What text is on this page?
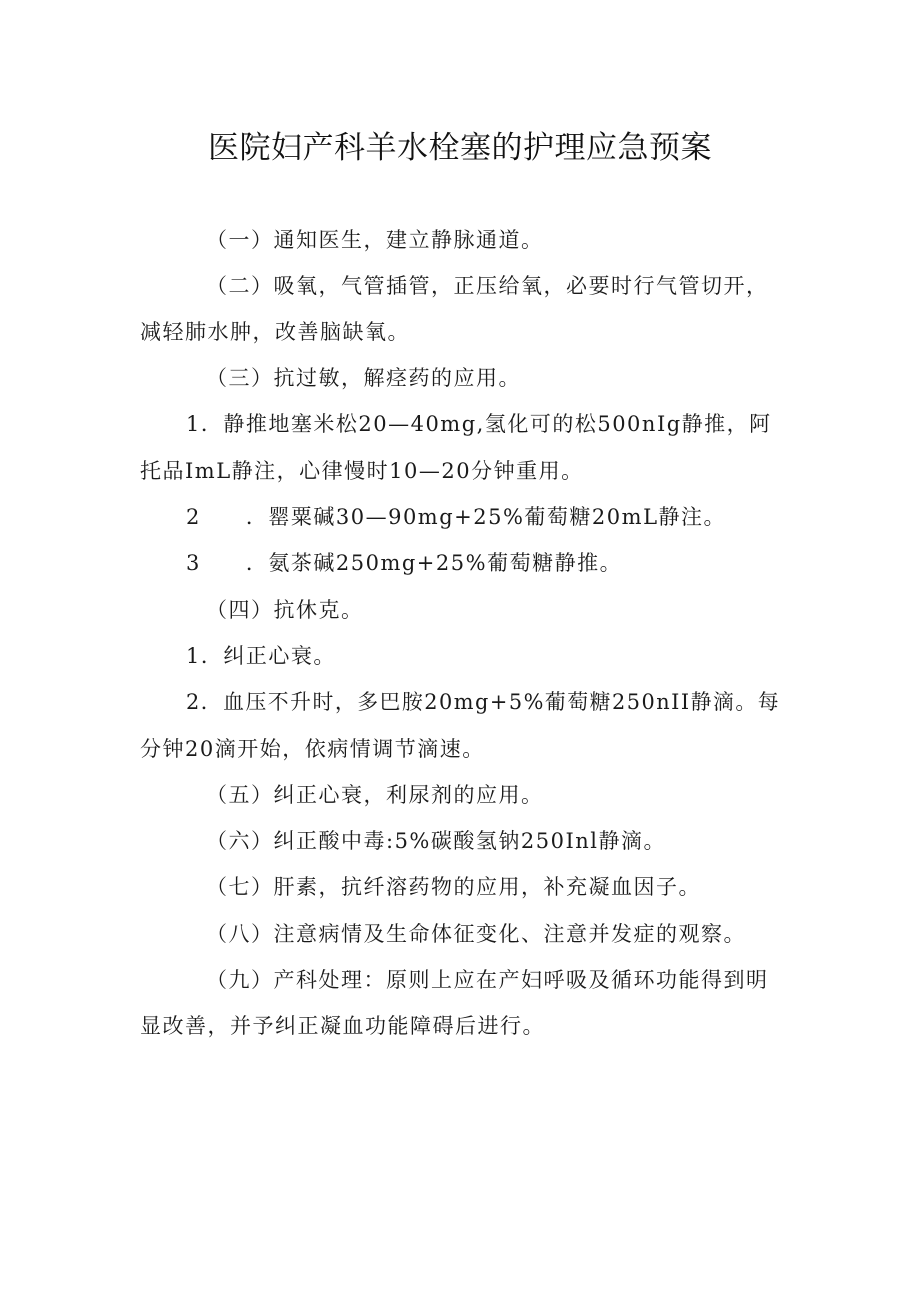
医院妇产科羊水栓塞的护理应急预案
（一）通知医生，建立静脉通道。
（二）吸氧，气管插管，正压给氧，必要时行气管切开，
减轻肺水肿，改善脑缺氧。
（三）抗过敏，解痉药的应用。
1．静推地塞米松20—40mg,氢化可的松500nIg静推，阿
托品ImL静注，心律慢时10—20分钟重用。
2　　．罂粟碱30—90mg+25%葡萄糖20mL静注。
3　　．氨茶碱250mg+25%葡萄糖静推。
（四）抗休克。
1．纠正心衰。
2．血压不升时，多巴胺20mg+5%葡萄糖250nII静滴。每
分钟20滴开始，依病情调节滴速。
（五）纠正心衰，利尿剂的应用。
（六）纠正酸中毒:5%碳酸氢钠250Inl静滴。
（七）肝素，抗纤溶药物的应用，补充凝血因子。
（八）注意病情及生命体征变化、注意并发症的观察。
（九）产科处理：原则上应在产妇呼吸及循环功能得到明
显改善，并予纠正凝血功能障碍后进行。
